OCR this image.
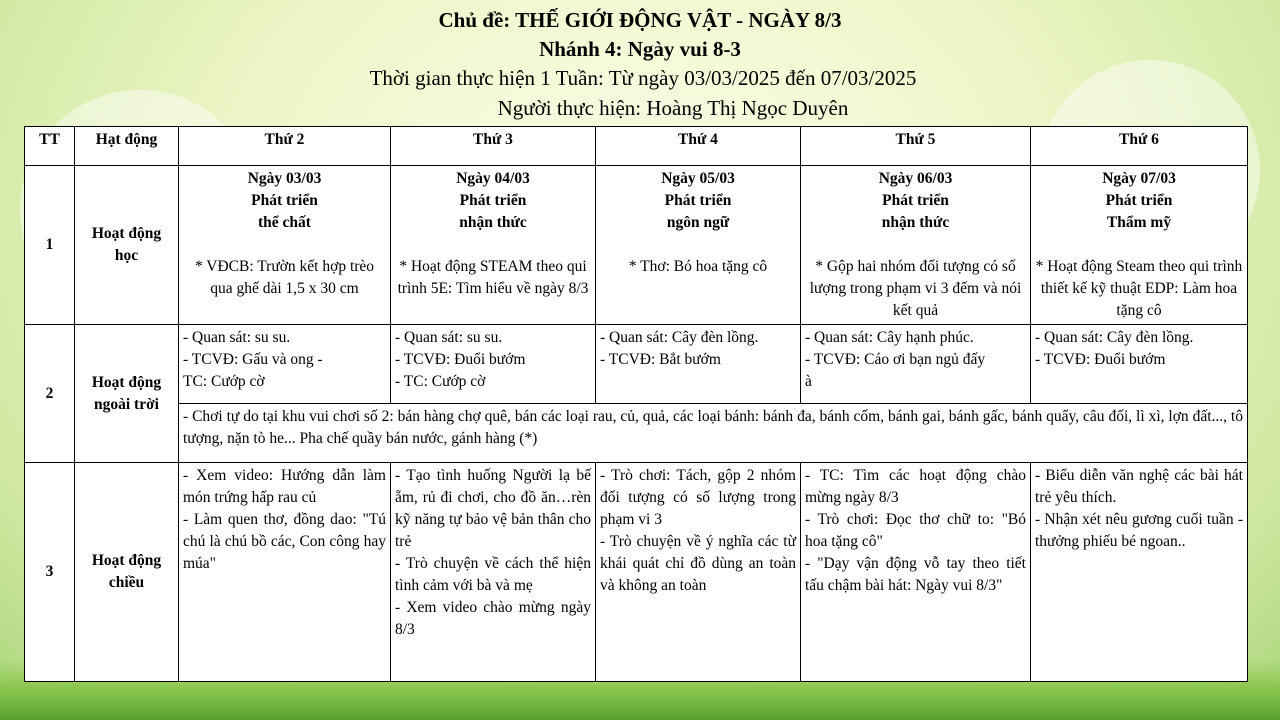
Chủ đề: THẾ GIỚI ĐỘNG VẬT - NGÀY 8/3
Nhánh 4: Ngày vui 8-3
Thời gian thực hiện 1 Tuần: Từ ngày 03/03/2025 đến 07/03/2025
Người thực hiện: Hoàng Thị Ngọc Duyên
TT	Hạt động	Thứ 2	Thứ 3	Thứ 4	Thứ 5	Thứ 6
1	Hoạt động học	Ngày 03/03
Phát triển
thể chất
* VĐCB: Trườn kết hợp trèo qua ghế dài 1,5 x 30 cm	Ngày 04/03
Phát triển
nhận thức
* Hoạt động STEAM theo qui trình 5E: Tìm hiểu về ngày 8/3	Ngày 05/03
Phát triển
ngôn ngữ
* Thơ: Bó hoa tặng cô	Ngày 06/03
Phát triển
nhận thức
* Gộp hai nhóm đối tượng có số lượng trong phạm vi 3 đếm và nói kết quả	Ngày 07/03
Phát triển
Thẩm mỹ
* Hoạt động Steam theo qui trình thiết kế kỹ thuật EDP: Làm hoa tặng cô

2	Hoạt động ngoài trời	- Quan sát: su su.
- TCVĐ: Gấu và ong -
TC: Cướp cờ	- Quan sát: su su.
- TCVĐ: Đuổi bướm
- TC: Cướp cờ	- Quan sát: Cây đèn lồng.
- TCVĐ: Bắt bướm	- Quan sát: Cây hạnh phúc.
- TCVĐ: Cáo ơi bạn ngủ đấy
à	- Quan sát: Cây đèn lồng.
- TCVĐ: Đuổi bướm

		- Chơi tự do tại khu vui chơi số 2: bán hàng chợ quê, bán các loại rau, củ, quả, các loại bánh: bánh đa, bánh cốm, bánh gai, bánh gấc, bánh quẩy, câu đối, lì xì, lợn đất..., tô tượng, nặn tò he... Pha chế quầy bán nước, gánh hàng (*)				
3	Hoạt động chiều	- Xem video: Hướng dẫn làm món trứng hấp rau củ
- Làm quen thơ, đồng dao: "Tú chú là chú bồ các, Con công hay múa"	- Tạo tình huống Người lạ bế ẵm, rủ đi chơi, cho đồ ăn…rèn kỹ năng tự bảo vệ bản thân cho trẻ
- Trò chuyện về cách thể hiện tình cảm với bà và mẹ
- Xem video chào mừng ngày 8/3	- Trò chơi: Tách, gộp 2 nhóm đối tượng có số lượng trong phạm vi 3
- Trò chuyện về ý nghĩa các từ khái quát chỉ đồ dùng an toàn và không an toàn	- TC: Tìm các hoạt động chào mừng ngày 8/3
- Trò chơi: Đọc thơ chữ to: "Bó hoa tặng cô"
- "Dạy vận động vỗ tay theo tiết tấu chậm bài hát: Ngày vui 8/3"	- Biểu diễn văn nghệ các bài hát trẻ yêu thích.
- Nhận xét nêu gương cuối tuần - thưởng phiếu bé ngoan..
